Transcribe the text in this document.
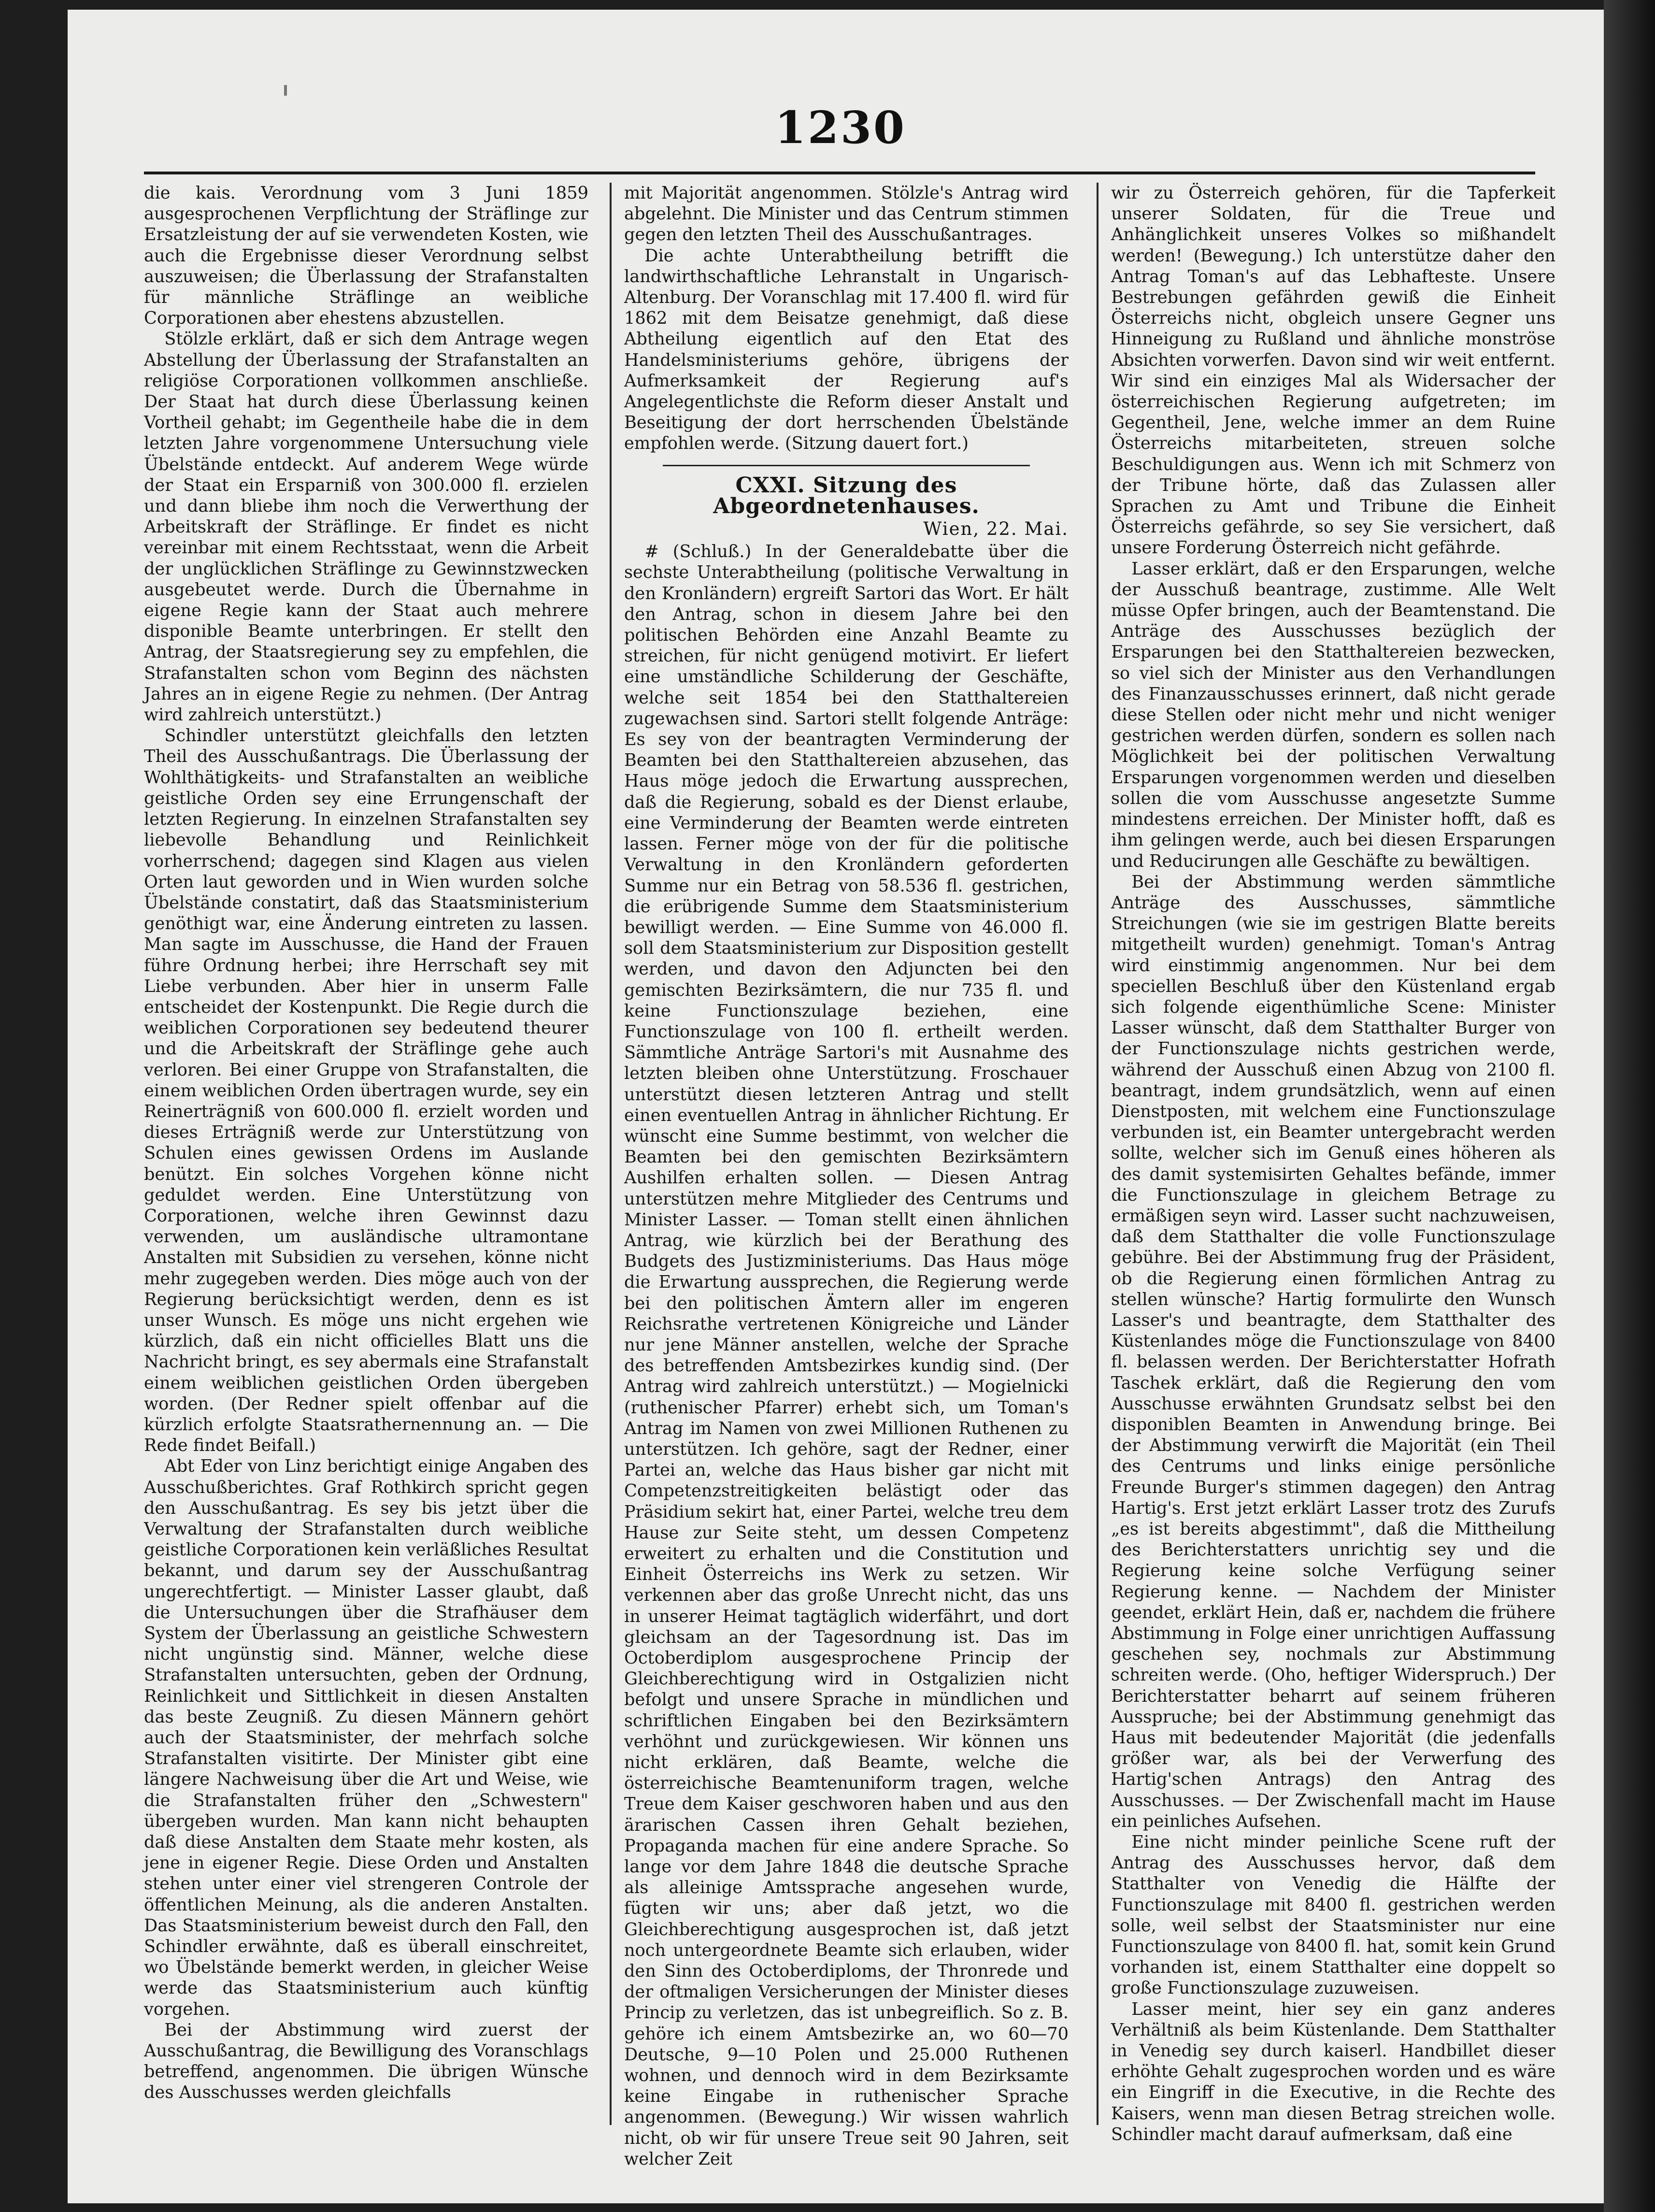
1230

die kais. Verordnung vom 3 Juni 1859 ausgesprochenen Verpflichtung der Sträflinge zur Ersatzleistung der auf sie verwendeten Kosten, wie auch die Ergebnisse dieser Verordnung selbst auszuweisen; die Überlassung der Strafanstalten für männliche Sträflinge an weibliche Corporationen aber ehestens abzustellen.

Stölzle erklärt, daß er sich dem Antrage wegen Abstellung der Überlassung der Strafanstalten an religiöse Corporationen vollkommen anschließe. Der Staat hat durch diese Überlassung keinen Vortheil gehabt; im Gegentheile habe die in dem letzten Jahre vorgenommene Untersuchung viele Übelstände entdeckt. Auf anderem Wege würde der Staat ein Ersparniß von 300.000 fl. erzielen und dann bliebe ihm noch die Verwerthung der Arbeitskraft der Sträflinge. Er findet es nicht vereinbar mit einem Rechtsstaat, wenn die Arbeit der unglücklichen Sträflinge zu Gewinnstzwecken ausgebeutet werde. Durch die Übernahme in eigene Regie kann der Staat auch mehrere disponible Beamte unterbringen. Er stellt den Antrag, der Staatsregierung sey zu empfehlen, die Strafanstalten schon vom Beginn des nächsten Jahres an in eigene Regie zu nehmen. (Der Antrag wird zahlreich unterstützt.)

Schindler unterstützt gleichfalls den letzten Theil des Ausschußantrags. Die Überlassung der Wohlthätigkeits- und Strafanstalten an weibliche geistliche Orden sey eine Errungenschaft der letzten Regierung. In einzelnen Strafanstalten sey liebevolle Behandlung und Reinlichkeit vorherrschend; dagegen sind Klagen aus vielen Orten laut geworden und in Wien wurden solche Übelstände constatirt, daß das Staatsministerium genöthigt war, eine Änderung eintreten zu lassen. Man sagte im Ausschusse, die Hand der Frauen führe Ordnung herbei; ihre Herrschaft sey mit Liebe verbunden. Aber hier in unserm Falle entscheidet der Kostenpunkt. Die Regie durch die weiblichen Corporationen sey bedeutend theurer und die Arbeitskraft der Sträflinge gehe auch verloren. Bei einer Gruppe von Strafanstalten, die einem weiblichen Orden übertragen wurde, sey ein Reinerträgniß von 600.000 fl. erzielt worden und dieses Erträgniß werde zur Unterstützung von Schulen eines gewissen Ordens im Auslande benützt. Ein solches Vorgehen könne nicht geduldet werden. Eine Unterstützung von Corporationen, welche ihren Gewinnst dazu verwenden, um ausländische ultramontane Anstalten mit Subsidien zu versehen, könne nicht mehr zugegeben werden. Dies möge auch von der Regierung berücksichtigt werden, denn es ist unser Wunsch. Es möge uns nicht ergehen wie kürzlich, daß ein nicht officielles Blatt uns die Nachricht bringt, es sey abermals eine Strafanstalt einem weiblichen geistlichen Orden übergeben worden. (Der Redner spielt offenbar auf die kürzlich erfolgte Staatsrathernennung an. — Die Rede findet Beifall.)

Abt Eder von Linz berichtigt einige Angaben des Ausschußberichtes. Graf Rothkirch spricht gegen den Ausschußantrag. Es sey bis jetzt über die Verwaltung der Strafanstalten durch weibliche geistliche Corporationen kein verläßliches Resultat bekannt, und darum sey der Ausschußantrag ungerechtfertigt. — Minister Lasser glaubt, daß die Untersuchungen über die Strafhäuser dem System der Überlassung an geistliche Schwestern nicht ungünstig sind. Männer, welche diese Strafanstalten untersuchten, geben der Ordnung, Reinlichkeit und Sittlichkeit in diesen Anstalten das beste Zeugniß. Zu diesen Männern gehört auch der Staatsminister, der mehrfach solche Strafanstalten visitirte. Der Minister gibt eine längere Nachweisung über die Art und Weise, wie die Strafanstalten früher den „Schwestern" übergeben wurden. Man kann nicht behaupten daß diese Anstalten dem Staate mehr kosten, als jene in eigener Regie. Diese Orden und Anstalten stehen unter einer viel strengeren Controle der öffentlichen Meinung, als die anderen Anstalten. Das Staatsministerium beweist durch den Fall, den Schindler erwähnte, daß es überall einschreitet, wo Übelstände bemerkt werden, in gleicher Weise werde das Staatsministerium auch künftig vorgehen.

Bei der Abstimmung wird zuerst der Ausschußantrag, die Bewilligung des Voranschlags betreffend, angenommen. Die übrigen Wünsche des Ausschusses werden gleichfalls

mit Majorität angenommen. Stölzle's Antrag wird abgelehnt. Die Minister und das Centrum stimmen gegen den letzten Theil des Ausschußantrages.

Die achte Unterabtheilung betrifft die landwirthschaftliche Lehranstalt in Ungarisch-Altenburg. Der Voranschlag mit 17.400 fl. wird für 1862 mit dem Beisatze genehmigt, daß diese Abtheilung eigentlich auf den Etat des Handelsministeriums gehöre, übrigens der Aufmerksamkeit der Regierung auf's Angelegentlichste die Reform dieser Anstalt und Beseitigung der dort herrschenden Übelstände empfohlen werde. (Sitzung dauert fort.)

CXXI. Sitzung des Abgeordnetenhauses.
Wien, 22. Mai.

# (Schluß.) In der Generaldebatte über die sechste Unterabtheilung (politische Verwaltung in den Kronländern) ergreift Sartori das Wort. Er hält den Antrag, schon in diesem Jahre bei den politischen Behörden eine Anzahl Beamte zu streichen, für nicht genügend motivirt. Er liefert eine umständliche Schilderung der Geschäfte, welche seit 1854 bei den Statthaltereien zugewachsen sind. Sartori stellt folgende Anträge: Es sey von der beantragten Verminderung der Beamten bei den Statthaltereien abzusehen, das Haus möge jedoch die Erwartung aussprechen, daß die Regierung, sobald es der Dienst erlaube, eine Verminderung der Beamten werde eintreten lassen. Ferner möge von der für die politische Verwaltung in den Kronländern geforderten Summe nur ein Betrag von 58.536 fl. gestrichen, die erübrigende Summe dem Staatsministerium bewilligt werden. — Eine Summe von 46.000 fl. soll dem Staatsministerium zur Disposition gestellt werden, und davon den Adjuncten bei den gemischten Bezirksämtern, die nur 735 fl. und keine Functionszulage beziehen, eine Functionszulage von 100 fl. ertheilt werden. Sämmtliche Anträge Sartori's mit Ausnahme des letzten bleiben ohne Unterstützung. Froschauer unterstützt diesen letzteren Antrag und stellt einen eventuellen Antrag in ähnlicher Richtung. Er wünscht eine Summe bestimmt, von welcher die Beamten bei den gemischten Bezirksämtern Aushilfen erhalten sollen. — Diesen Antrag unterstützen mehre Mitglieder des Centrums und Minister Lasser. — Toman stellt einen ähnlichen Antrag, wie kürzlich bei der Berathung des Budgets des Justizministeriums. Das Haus möge die Erwartung aussprechen, die Regierung werde bei den politischen Ämtern aller im engeren Reichsrathe vertretenen Königreiche und Länder nur jene Männer anstellen, welche der Sprache des betreffenden Amtsbezirkes kundig sind. (Der Antrag wird zahlreich unterstützt.) — Mogielnicki (ruthenischer Pfarrer) erhebt sich, um Toman's Antrag im Namen von zwei Millionen Ruthenen zu unterstützen. Ich gehöre, sagt der Redner, einer Partei an, welche das Haus bisher gar nicht mit Competenzstreitigkeiten belästigt oder das Präsidium sekirt hat, einer Partei, welche treu dem Hause zur Seite steht, um dessen Competenz erweitert zu erhalten und die Constitution und Einheit Österreichs ins Werk zu setzen. Wir verkennen aber das große Unrecht nicht, das uns in unserer Heimat tagtäglich widerfährt, und dort gleichsam an der Tagesordnung ist. Das im Octoberdiplom ausgesprochene Princip der Gleichberechtigung wird in Ostgalizien nicht befolgt und unsere Sprache in mündlichen und schriftlichen Eingaben bei den Bezirksämtern verhöhnt und zurückgewiesen. Wir können uns nicht erklären, daß Beamte, welche die österreichische Beamtenuniform tragen, welche Treue dem Kaiser geschworen haben und aus den ärarischen Cassen ihren Gehalt beziehen, Propaganda machen für eine andere Sprache. So lange vor dem Jahre 1848 die deutsche Sprache als alleinige Amtssprache angesehen wurde, fügten wir uns; aber daß jetzt, wo die Gleichberechtigung ausgesprochen ist, daß jetzt noch untergeordnete Beamte sich erlauben, wider den Sinn des Octoberdiploms, der Thronrede und der oftmaligen Versicherungen der Minister dieses Princip zu verletzen, das ist unbegreiflich. So z. B. gehöre ich einem Amtsbezirke an, wo 60—70 Deutsche, 9—10 Polen und 25.000 Ruthenen wohnen, und dennoch wird in dem Bezirksamte keine Eingabe in ruthenischer Sprache angenommen. (Bewegung.) Wir wissen wahrlich nicht, ob wir für unsere Treue seit 90 Jahren, seit welcher Zeit

wir zu Österreich gehören, für die Tapferkeit unserer Soldaten, für die Treue und Anhänglichkeit unseres Volkes so mißhandelt werden! (Bewegung.) Ich unterstütze daher den Antrag Toman's auf das Lebhafteste. Unsere Bestrebungen gefährden gewiß die Einheit Österreichs nicht, obgleich unsere Gegner uns Hinneigung zu Rußland und ähnliche monströse Absichten vorwerfen. Davon sind wir weit entfernt. Wir sind ein einziges Mal als Widersacher der österreichischen Regierung aufgetreten; im Gegentheil, Jene, welche immer an dem Ruine Österreichs mitarbeiteten, streuen solche Beschuldigungen aus. Wenn ich mit Schmerz von der Tribune hörte, daß das Zulassen aller Sprachen zu Amt und Tribune die Einheit Österreichs gefährde, so sey Sie versichert, daß unsere Forderung Österreich nicht gefährde.

Lasser erklärt, daß er den Ersparungen, welche der Ausschuß beantrage, zustimme. Alle Welt müsse Opfer bringen, auch der Beamtenstand. Die Anträge des Ausschusses bezüglich der Ersparungen bei den Statthaltereien bezwecken, so viel sich der Minister aus den Verhandlungen des Finanzausschusses erinnert, daß nicht gerade diese Stellen oder nicht mehr und nicht weniger gestrichen werden dürfen, sondern es sollen nach Möglichkeit bei der politischen Verwaltung Ersparungen vorgenommen werden und dieselben sollen die vom Ausschusse angesetzte Summe mindestens erreichen. Der Minister hofft, daß es ihm gelingen werde, auch bei diesen Ersparungen und Reducirungen alle Geschäfte zu bewältigen.

Bei der Abstimmung werden sämmtliche Anträge des Ausschusses, sämmtliche Streichungen (wie sie im gestrigen Blatte bereits mitgetheilt wurden) genehmigt. Toman's Antrag wird einstimmig angenommen. Nur bei dem speciellen Beschluß über den Küstenland ergab sich folgende eigenthümliche Scene: Minister Lasser wünscht, daß dem Statthalter Burger von der Functionszulage nichts gestrichen werde, während der Ausschuß einen Abzug von 2100 fl. beantragt, indem grundsätzlich, wenn auf einen Dienstposten, mit welchem eine Functionszulage verbunden ist, ein Beamter untergebracht werden sollte, welcher sich im Genuß eines höheren als des damit systemisirten Gehaltes befände, immer die Functionszulage in gleichem Betrage zu ermäßigen seyn wird. Lasser sucht nachzuweisen, daß dem Statthalter die volle Functionszulage gebühre. Bei der Abstimmung frug der Präsident, ob die Regierung einen förmlichen Antrag zu stellen wünsche? Hartig formulirte den Wunsch Lasser's und beantragte, dem Statthalter des Küstenlandes möge die Functionszulage von 8400 fl. belassen werden. Der Berichterstatter Hofrath Taschek erklärt, daß die Regierung den vom Ausschusse erwähnten Grundsatz selbst bei den disponiblen Beamten in Anwendung bringe. Bei der Abstimmung verwirft die Majorität (ein Theil des Centrums und links einige persönliche Freunde Burger's stimmen dagegen) den Antrag Hartig's. Erst jetzt erklärt Lasser trotz des Zurufs „es ist bereits abgestimmt", daß die Mittheilung des Berichterstatters unrichtig sey und die Regierung keine solche Verfügung seiner Regierung kenne. — Nachdem der Minister geendet, erklärt Hein, daß er, nachdem die frühere Abstimmung in Folge einer unrichtigen Auffassung geschehen sey, nochmals zur Abstimmung schreiten werde. (Oho, heftiger Widerspruch.) Der Berichterstatter beharrt auf seinem früheren Ausspruche; bei der Abstimmung genehmigt das Haus mit bedeutender Majorität (die jedenfalls größer war, als bei der Verwerfung des Hartig'schen Antrags) den Antrag des Ausschusses. — Der Zwischenfall macht im Hause ein peinliches Aufsehen.

Eine nicht minder peinliche Scene ruft der Antrag des Ausschusses hervor, daß dem Statthalter von Venedig die Hälfte der Functionszulage mit 8400 fl. gestrichen werden solle, weil selbst der Staatsminister nur eine Functionszulage von 8400 fl. hat, somit kein Grund vorhanden ist, einem Statthalter eine doppelt so große Functionszulage zuzuweisen.

Lasser meint, hier sey ein ganz anderes Verhältniß als beim Küstenlande. Dem Statthalter in Venedig sey durch kaiserl. Handbillet dieser erhöhte Gehalt zugesprochen worden und es wäre ein Eingriff in die Executive, in die Rechte des Kaisers, wenn man diesen Betrag streichen wolle. Schindler macht darauf aufmerksam, daß eine
